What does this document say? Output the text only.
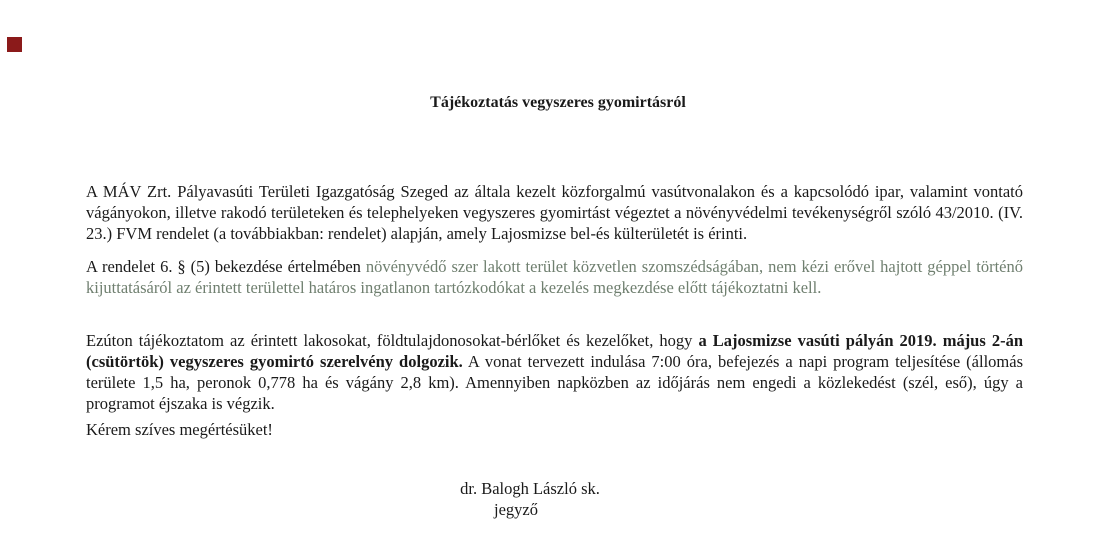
Tájékoztatás vegyszeres gyomirtásról
A MÁV Zrt. Pályavasúti Területi Igazgatóság Szeged az általa kezelt közforgalmú vasútvonalakon és a kapcsolódó ipar, valamint vontató vágányokon, illetve rakodó területeken és telephelyeken vegyszeres gyomirtást végeztet a növényvédelmi tevékenységről szóló 43/2010. (IV. 23.) FVM rendelet (a továbbiakban: rendelet) alapján, amely Lajosmizse bel-és külterületét is érinti.
A rendelet 6. § (5) bekezdése értelmében növényvédő szer lakott terület közvetlen szomszédságában, nem kézi erővel hajtott géppel történő kijuttatásáról az érintett területtel határos ingatlanon tartózkodókat a kezelés megkezdése előtt tájékoztatni kell.
Ezúton tájékoztatom az érintett lakosokat, földtulajdonosokat-bérlőket és kezelőket, hogy a Lajosmizse vasúti pályán 2019. május 2-án (csütörtök) vegyszeres gyomirtó szerelvény dolgozik. A vonat tervezett indulása 7:00 óra, befejezés a napi program teljesítése (állomás területe 1,5 ha, peronok 0,778 ha és vágány 2,8 km). Amennyiben napközben az időjárás nem engedi a közlekedést (szél, eső), úgy a programot éjszaka is végzik.
Kérem szíves megértésüket!
dr. Balogh László sk.
jegyző
